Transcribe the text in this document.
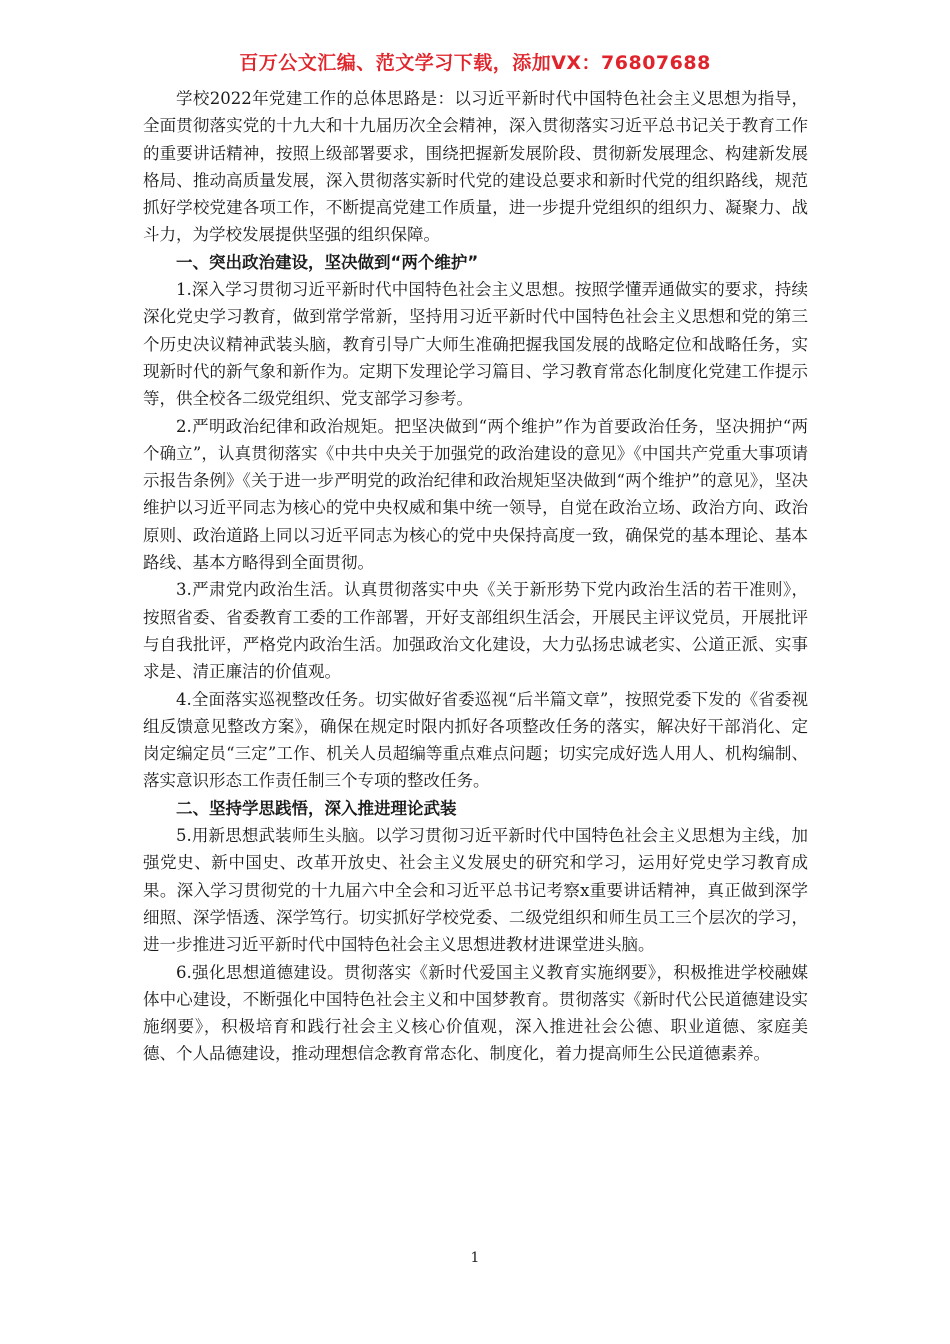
百万公文汇编、范文学习下载，添加VX：76807688

学校2022年党建工作的总体思路是：以习近平新时代中国特色社会主义思想为指导，全面贯彻落实党的十九大和十九届历次全会精神，深入贯彻落实习近平总书记关于教育工作的重要讲话精神，按照上级部署要求，围绕把握新发展阶段、贯彻新发展理念、构建新发展格局、推动高质量发展，深入贯彻落实新时代党的建设总要求和新时代党的组织路线，规范抓好学校党建各项工作，不断提高党建工作质量，进一步提升党组织的组织力、凝聚力、战斗力，为学校发展提供坚强的组织保障。

一、突出政治建设，坚决做到“两个维护”

1.深入学习贯彻习近平新时代中国特色社会主义思想。按照学懂弄通做实的要求，持续深化党史学习教育，做到常学常新，坚持用习近平新时代中国特色社会主义思想和党的第三个历史决议精神武装头脑，教育引导广大师生准确把握我国发展的战略定位和战略任务，实现新时代的新气象和新作为。定期下发理论学习篇目、学习教育常态化制度化党建工作提示等，供全校各二级党组织、党支部学习参考。

2.严明政治纪律和政治规矩。把坚决做到“两个维护”作为首要政治任务，坚决拥护“两个确立”，认真贯彻落实《中共中央关于加强党的政治建设的意见》《中国共产党重大事项请示报告条例》《关于进一步严明党的政治纪律和政治规矩坚决做到“两个维护”的意见》，坚决维护以习近平同志为核心的党中央权威和集中统一领导，自觉在政治立场、政治方向、政治原则、政治道路上同以习近平同志为核心的党中央保持高度一致，确保党的基本理论、基本路线、基本方略得到全面贯彻。

3.严肃党内政治生活。认真贯彻落实中央《关于新形势下党内政治生活的若干准则》，按照省委、省委教育工委的工作部署，开好支部组织生活会，开展民主评议党员，开展批评与自我批评，严格党内政治生活。加强政治文化建设，大力弘扬忠诚老实、公道正派、实事求是、清正廉洁的价值观。

4.全面落实巡视整改任务。切实做好省委巡视“后半篇文章”，按照党委下发的《省委视组反馈意见整改方案》，确保在规定时限内抓好各项整改任务的落实，解决好干部消化、定岗定编定员“三定”工作、机关人员超编等重点难点问题；切实完成好选人用人、机构编制、落实意识形态工作责任制三个专项的整改任务。

二、坚持学思践悟，深入推进理论武装

5.用新思想武装师生头脑。以学习贯彻习近平新时代中国特色社会主义思想为主线，加强党史、新中国史、改革开放史、社会主义发展史的研究和学习，运用好党史学习教育成果。深入学习贯彻党的十九届六中全会和习近平总书记考察x重要讲话精神，真正做到深学细照、深学悟透、深学笃行。切实抓好学校党委、二级党组织和师生员工三个层次的学习，进一步推进习近平新时代中国特色社会主义思想进教材进课堂进头脑。

6.强化思想道德建设。贯彻落实《新时代爱国主义教育实施纲要》，积极推进学校融媒体中心建设，不断强化中国特色社会主义和中国梦教育。贯彻落实《新时代公民道德建设实施纲要》，积极培育和践行社会主义核心价值观，深入推进社会公德、职业道德、家庭美德、个人品德建设，推动理想信念教育常态化、制度化，着力提高师生公民道德素养。

1
